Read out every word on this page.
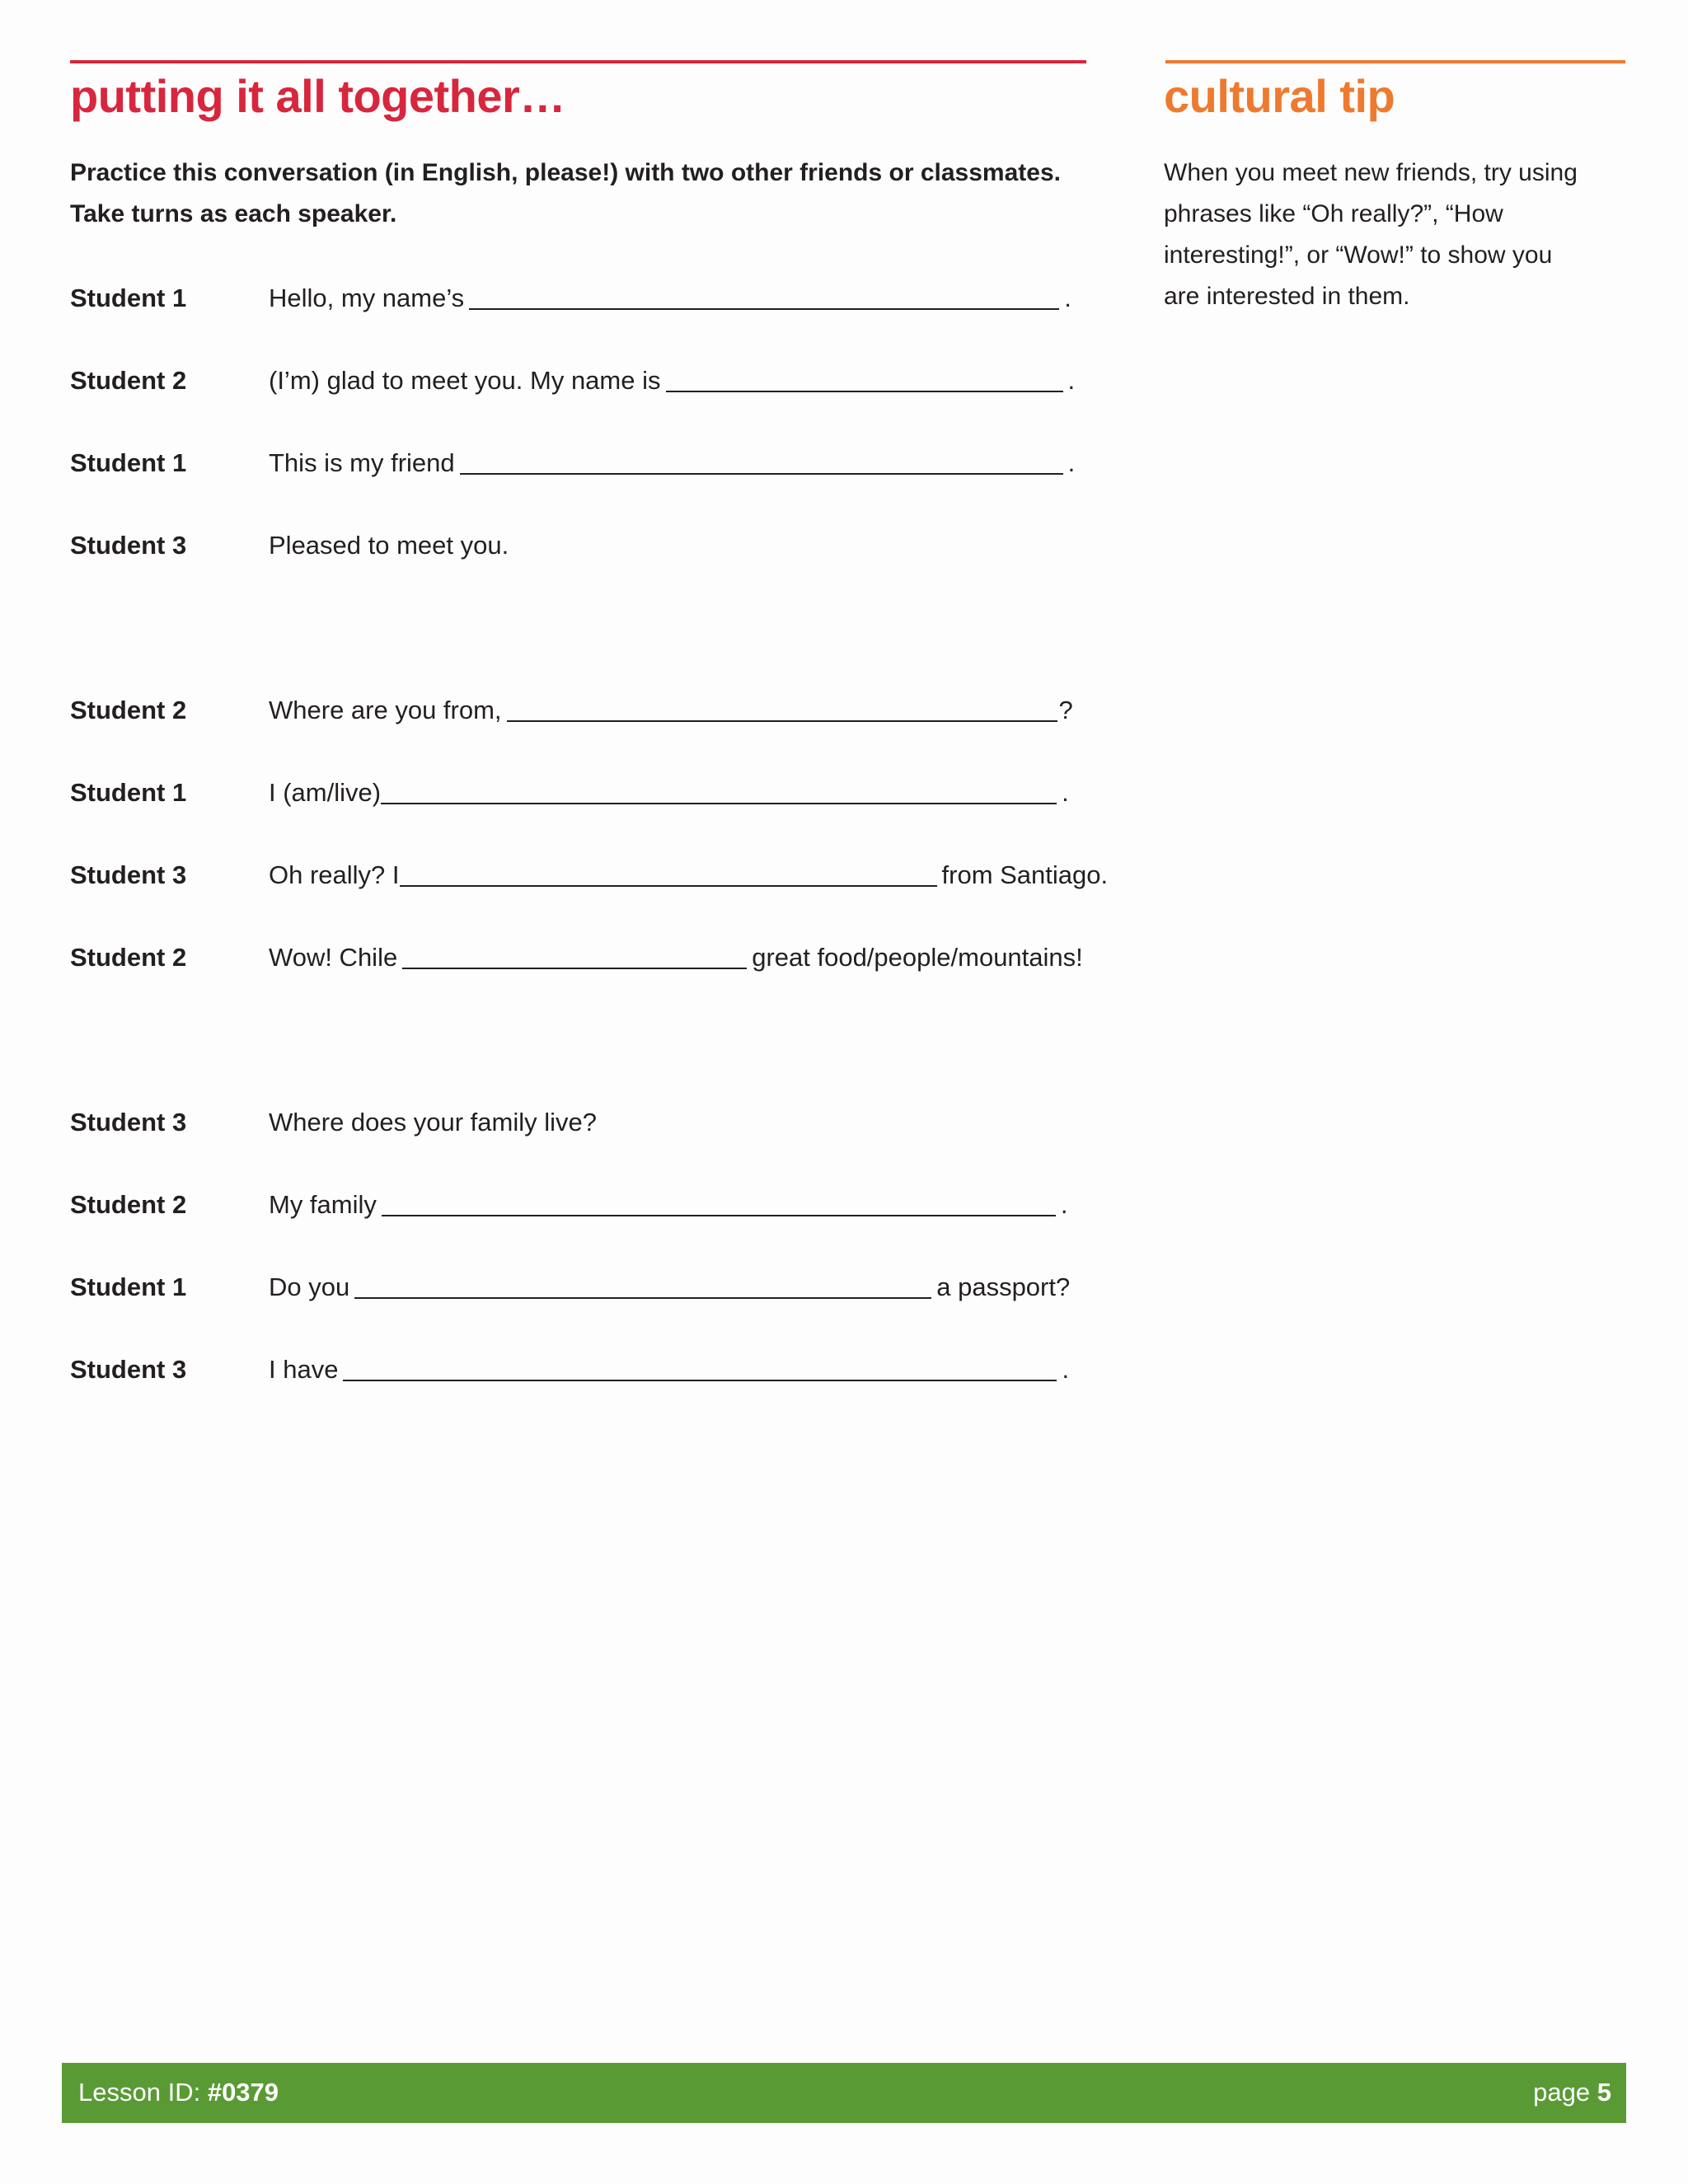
putting it all together…

Practice this conversation (in English, please!) with two other friends or classmates. Take turns as each speaker.

cultural tip

When you meet new friends, try using phrases like “Oh really?”, “How interesting!”, or “Wow!” to show you are interested in them.

Student 1	Hello, my name’s	.
Student 2	(I’m) glad to meet you. My name is	.
Student 1	This is my friend	.
Student 3	Pleased to meet you.
Student 2	Where are you from,	?
Student 1	I (am/live)	.
Student 3	Oh really? I	from Santiago.
Student 2	Wow! Chile	great food/people/mountains!
Student 3	Where does your family live?
Student 2	My family	.
Student 1	Do you	a passport?
Student 3	I have	.
Lesson ID: #0379	page 5
